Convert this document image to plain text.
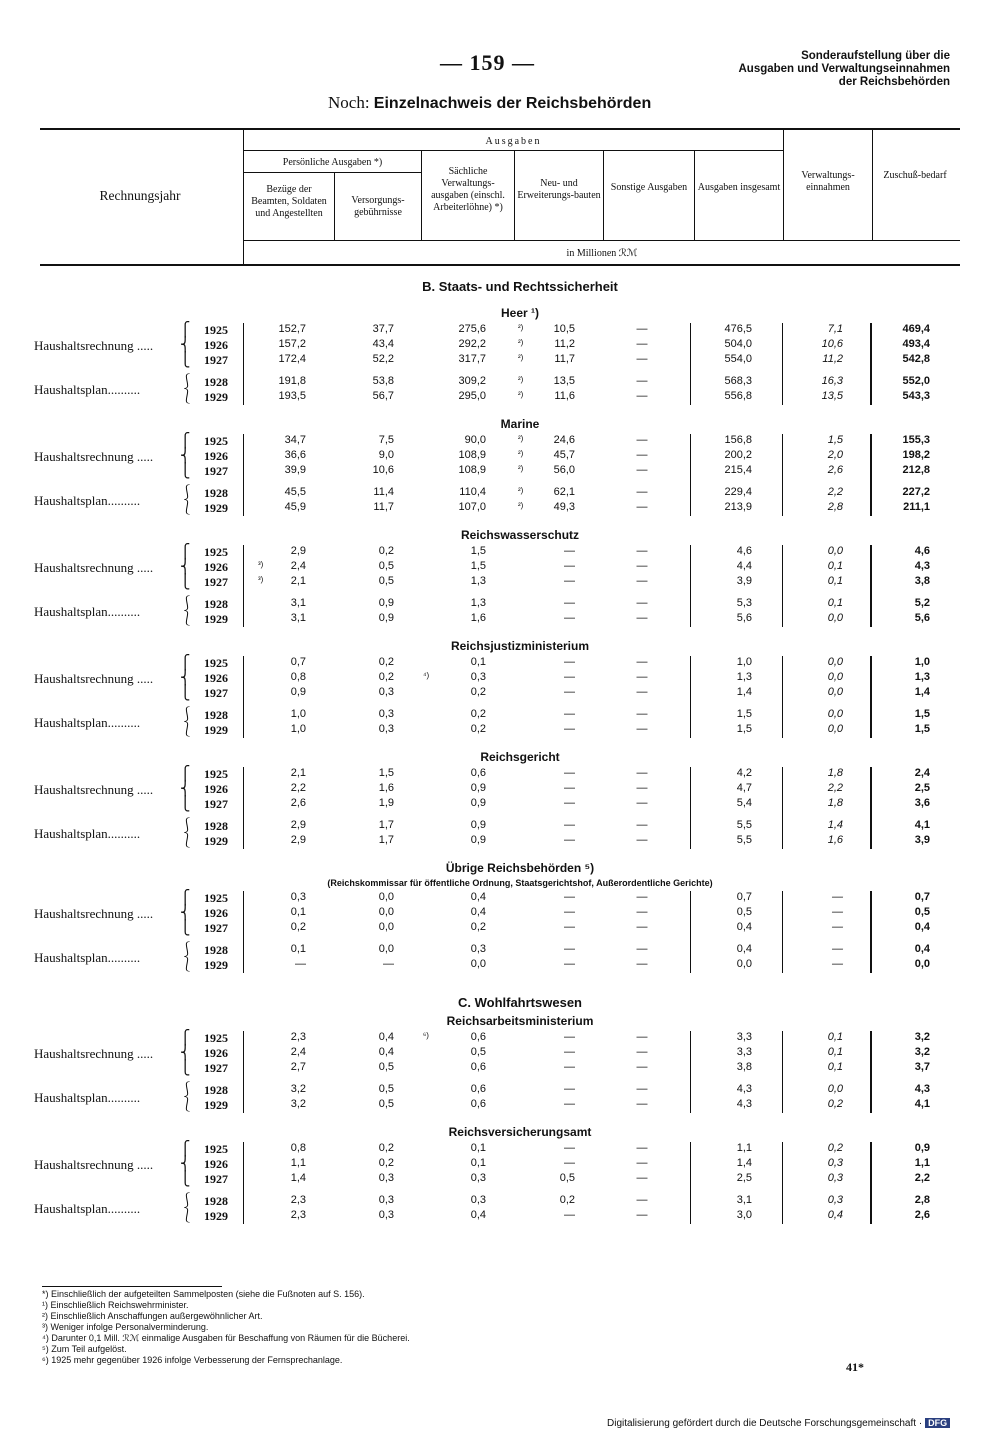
— 159 —	Sonderaufstellung über die
Ausgaben und Verwaltungseinnahmen
der Reichsbehörden
Noch: Einzelnachweis der Reichsbehörden
Rechnungsjahr
Ausgaben
Persönliche Ausgaben *)
Bezüge der Beamten, Soldaten und Angestellten
Versorgungs-gebührnisse
Sächliche Verwaltungs-ausgaben (einschl. Arbeiterlöhne) *)
Neu- und Erweiterungs-bauten
Sonstige Ausgaben	Ausgaben insgesamt
Verwaltungs-einnahmen
Zuschuß-bedarf
in Millionen ℛℳ
B. Staats- und Rechtssicherheit
Heer ¹)
1925	152,7	37,7	275,6	10,5	—	476,5	7,1	469,4
²)
1926	157,2	43,4	292,2	11,2	—	504,0	10,6	493,4
²)
1927	172,4	52,2	317,7	11,7	—	554,0	11,2	542,8
²)
Haushaltsrechnung .....
⎧
⎨
⎩
1928	191,8	53,8	309,2	13,5	—	568,3	16,3	552,0
²)
1929	193,5	56,7	295,0	11,6	—	556,8	13,5	543,3
²)
Haushaltsplan..........	⎰
⎱
Marine
1925	34,7	7,5	90,0	24,6	—	156,8	1,5	155,3
²)
1926	36,6	9,0	108,9	45,7	—	200,2	2,0	198,2
²)
1927	39,9	10,6	108,9	56,0	—	215,4	2,6	212,8
²)
Haushaltsrechnung .....
⎧
⎨
⎩
1928	45,5	11,4	110,4	62,1	—	229,4	2,2	227,2
²)
1929	45,9	11,7	107,0	49,3	—	213,9	2,8	211,1
²)
Haushaltsplan..........	⎰
⎱
Reichswasserschutz
1925	2,9	0,2	1,5	—	—	4,6	0,0	4,6
1926	2,4	0,5	1,5	—	—	4,4	0,1	4,3
³)
1927	2,1	0,5	1,3	—	—	3,9	0,1	3,8
³)
Haushaltsrechnung .....
⎧
⎨
⎩
1928	3,1	0,9	1,3	—	—	5,3	0,1	5,2
1929	3,1	0,9	1,6	—	—	5,6	0,0	5,6
Haushaltsplan..........	⎰
⎱
Reichsjustizministerium
1925	0,7	0,2	0,1	—	—	1,0	0,0	1,0
1926	0,8	0,2	0,3	—	—	1,3	0,0	1,3
⁴)
1927	0,9	0,3	0,2	—	—	1,4	0,0	1,4
Haushaltsrechnung .....
⎧
⎨
⎩
1928	1,0	0,3	0,2	—	—	1,5	0,0	1,5
1929	1,0	0,3	0,2	—	—	1,5	0,0	1,5
Haushaltsplan..........	⎰
⎱
Reichsgericht
1925	2,1	1,5	0,6	—	—	4,2	1,8	2,4
1926	2,2	1,6	0,9	—	—	4,7	2,2	2,5
1927	2,6	1,9	0,9	—	—	5,4	1,8	3,6
Haushaltsrechnung .....
⎧
⎨
⎩
1928	2,9	1,7	0,9	—	—	5,5	1,4	4,1
1929	2,9	1,7	0,9	—	—	5,5	1,6	3,9
Haushaltsplan..........	⎰
⎱
Übrige Reichsbehörden ⁵)
(Reichskommissar für öffentliche Ordnung, Staatsgerichtshof, Außerordentliche Gerichte)
1925	0,3	0,0	0,4	—	—	0,7	—	0,7
1926	0,1	0,0	0,4	—	—	0,5	—	0,5
1927	0,2	0,0	0,2	—	—	0,4	—	0,4
Haushaltsrechnung .....
⎧
⎨
⎩
1928	0,1	0,0	0,3	—	—	0,4	—	0,4
1929	—	—	0,0	—	—	0,0	—	0,0
Haushaltsplan..........	⎰
⎱
C. Wohlfahrtswesen
Reichsarbeitsministerium
1925	2,3	0,4	0,6	—	—	3,3	0,1	3,2
⁶)
1926	2,4	0,4	0,5	—	—	3,3	0,1	3,2
1927	2,7	0,5	0,6	—	—	3,8	0,1	3,7
Haushaltsrechnung .....
⎧
⎨
⎩
1928	3,2	0,5	0,6	—	—	4,3	0,0	4,3
1929	3,2	0,5	0,6	—	—	4,3	0,2	4,1
Haushaltsplan..........	⎰
⎱
Reichsversicherungsamt
1925	0,8	0,2	0,1	—	—	1,1	0,2	0,9
1926	1,1	0,2	0,1	—	—	1,4	0,3	1,1
1927	1,4	0,3	0,3	0,5	—	2,5	0,3	2,2
Haushaltsrechnung .....
⎧
⎨
⎩
1928	2,3	0,3	0,3	0,2	—	3,1	0,3	2,8
1929	2,3	0,3	0,4	—	—	3,0	0,4	2,6
Haushaltsplan..........	⎰
⎱
*) Einschließlich der aufgeteilten Sammelposten (siehe die Fußnoten auf S. 156).
¹) Einschließlich Reichswehrminister.
²) Einschließlich Anschaffungen außergewöhnlicher Art.
³) Weniger infolge Personalverminderung.
⁴) Darunter 0,1 Mill. ℛℳ einmalige Ausgaben für Beschaffung von Räumen für die Bücherei.
⁵) Zum Teil aufgelöst.
⁶) 1925 mehr gegenüber 1926 infolge Verbesserung der Fernsprechanlage.	41*
Digitalisierung gefördert durch die Deutsche Forschungsgemeinschaft · DFG
